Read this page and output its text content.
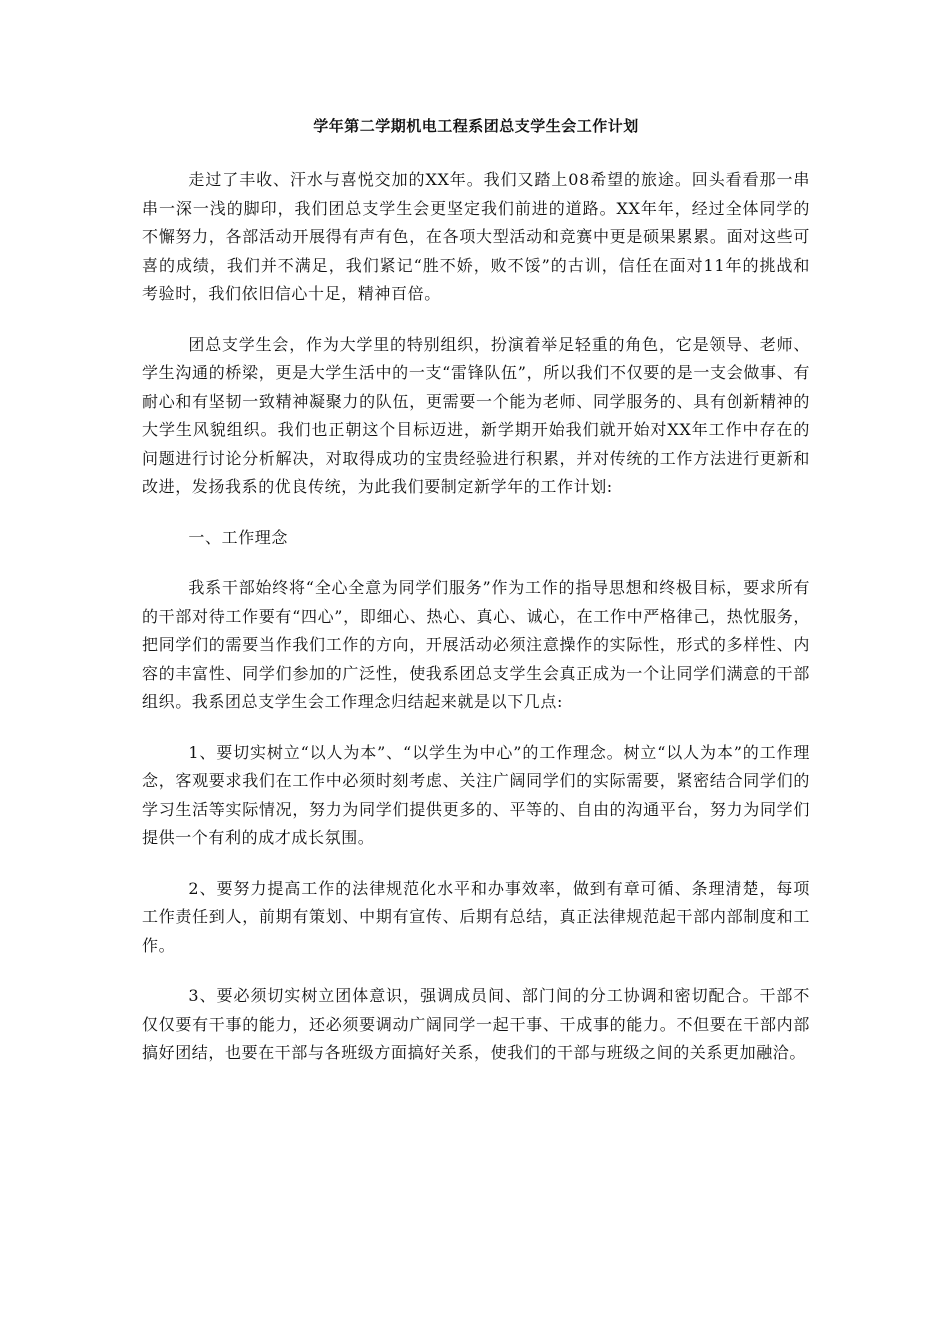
学年第二学期机电工程系团总支学生会工作计划

走过了丰收、汗水与喜悦交加的XX年。我们又踏上08希望的旅途。回头看看那一串串一深一浅的脚印，我们团总支学生会更坚定我们前进的道路。XX年年，经过全体同学的不懈努力，各部活动开展得有声有色，在各项大型活动和竞赛中更是硕果累累。面对这些可喜的成绩，我们并不满足，我们紧记“胜不娇，败不馁”的古训，信任在面对11年的挑战和考验时，我们依旧信心十足，精神百倍。

团总支学生会，作为大学里的特别组织，扮演着举足轻重的角色，它是领导、老师、学生沟通的桥梁，更是大学生活中的一支“雷锋队伍”，所以我们不仅要的是一支会做事、有耐心和有坚韧一致精神凝聚力的队伍，更需要一个能为老师、同学服务的、具有创新精神的大学生风貌组织。我们也正朝这个目标迈进，新学期开始我们就开始对XX年工作中存在的问题进行讨论分析解决，对取得成功的宝贵经验进行积累，并对传统的工作方法进行更新和改进，发扬我系的优良传统，为此我们要制定新学年的工作计划:

一、工作理念

我系干部始终将“全心全意为同学们服务”作为工作的指导思想和终极目标，要求所有的干部对待工作要有“四心”，即细心、热心、真心、诚心，在工作中严格律己，热忱服务，把同学们的需要当作我们工作的方向，开展活动必须注意操作的实际性，形式的多样性、内容的丰富性、同学们参加的广泛性，使我系团总支学生会真正成为一个让同学们满意的干部组织。我系团总支学生会工作理念归结起来就是以下几点:

1、要切实树立“以人为本”、“以学生为中心”的工作理念。树立“以人为本”的工作理念，客观要求我们在工作中必须时刻考虑、关注广阔同学们的实际需要，紧密结合同学们的学习生活等实际情况，努力为同学们提供更多的、平等的、自由的沟通平台，努力为同学们提供一个有利的成才成长氛围。

2、要努力提高工作的法律规范化水平和办事效率，做到有章可循、条理清楚，每项工作责任到人，前期有策划、中期有宣传、后期有总结，真正法律规范起干部内部制度和工作。

3、要必须切实树立团体意识，强调成员间、部门间的分工协调和密切配合。干部不仅仅要有干事的能力，还必须要调动广阔同学一起干事、干成事的能力。不但要在干部内部搞好团结，也要在干部与各班级方面搞好关系，使我们的干部与班级之间的关系更加融洽。
